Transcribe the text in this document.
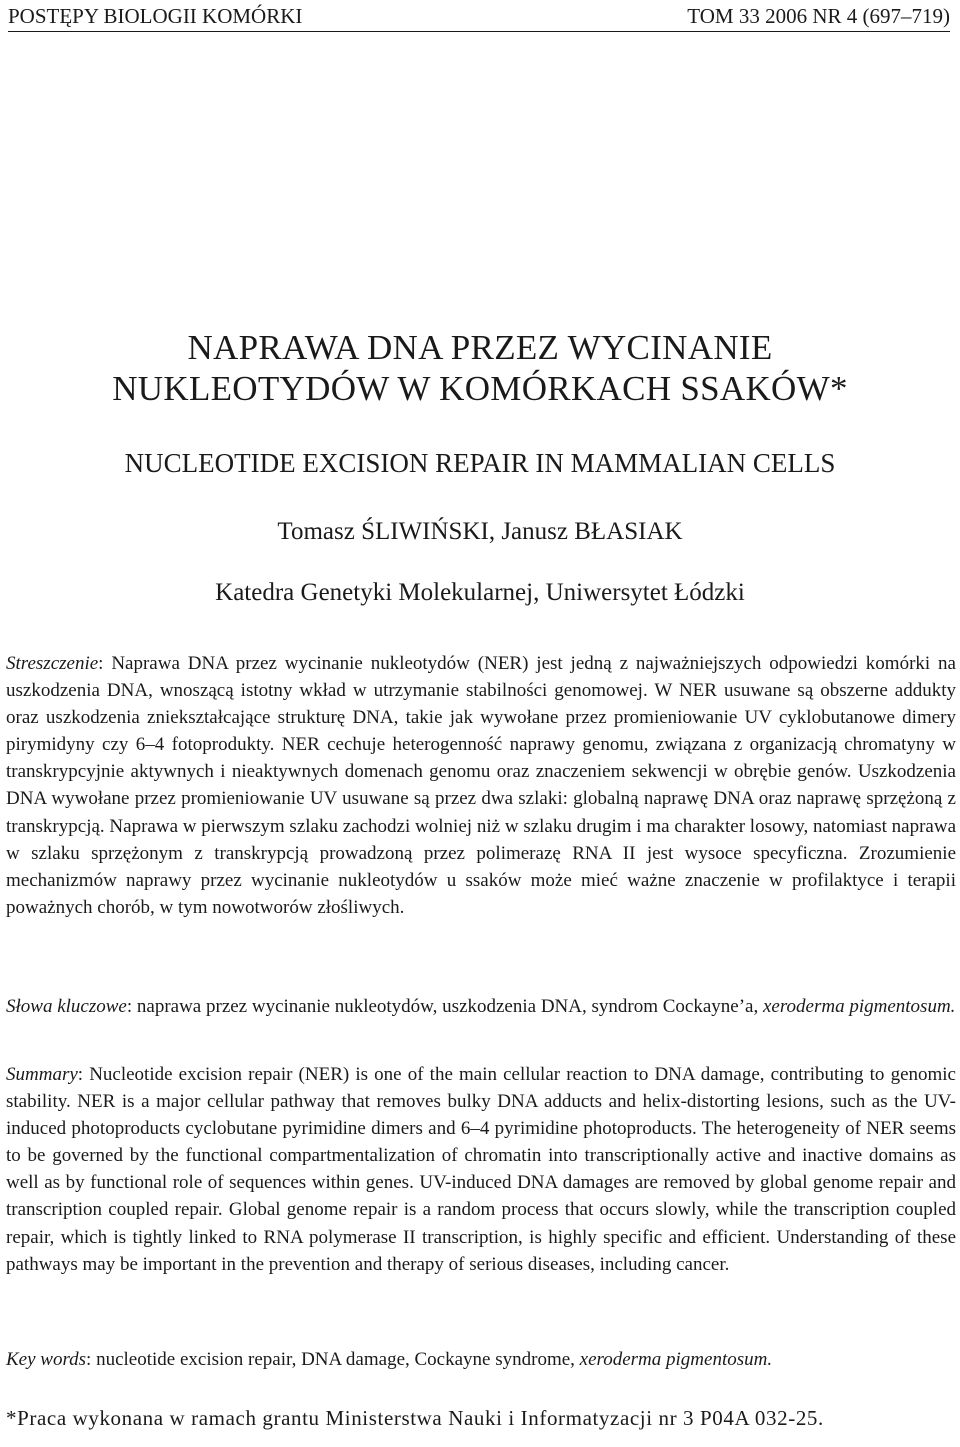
POSTĘPY BIOLOGII KOMÓRKI	TOM 33 2006 NR 4 (697–719)
NAPRAWA DNA PRZEZ WYCINANIE
NUKLEOTYDÓW W KOMÓRKACH SSAKÓW*
NUCLEOTIDE EXCISION REPAIR IN MAMMALIAN CELLS
Tomasz ŚLIWIŃSKI, Janusz BŁASIAK
Katedra Genetyki Molekularnej, Uniwersytet Łódzki
Streszczenie: Naprawa DNA przez wycinanie nukleotydów (NER) jest jedną z najważniejszych odpowiedzi komórki na uszkodzenia DNA, wnoszącą istotny wkład w utrzymanie stabilności genomowej. W NER usuwane są obszerne addukty oraz uszkodzenia zniekształcające strukturę DNA, takie jak wywołane przez promieniowanie UV cyklobutanowe dimery pirymidyny czy 6–4 fotoprodukty. NER cechuje heterogenność naprawy genomu, związana z organizacją chromatyny w transkrypcyjnie aktywnych i nieaktywnych domenach genomu oraz znaczeniem sekwencji w obrębie genów. Uszkodzenia DNA wywołane przez promieniowanie UV usuwane są przez dwa szlaki: globalną naprawę DNA oraz naprawę sprzężoną z transkrypcją. Naprawa w pierwszym szlaku zachodzi wolniej niż w szlaku drugim i ma charakter losowy, natomiast naprawa w szlaku sprzężonym z transkrypcją prowadzoną przez polimerazę RNA II jest wysoce specyficzna. Zrozumienie mechanizmów naprawy przez wycinanie nukleotydów u ssaków może mieć ważne znaczenie w profilaktyce i terapii poważnych chorób, w tym nowotworów złośliwych.
Słowa kluczowe: naprawa przez wycinanie nukleotydów, uszkodzenia DNA, syndrom Cockayne’a, xeroderma pigmentosum.
Summary: Nucleotide excision repair (NER) is one of the main cellular reaction to DNA damage, contributing to genomic stability. NER is a major cellular pathway that removes bulky DNA adducts and helix-distorting lesions, such as the UV-induced photoproducts cyclobutane pyrimidine dimers and 6–4 pyrimidine photoproducts. The heterogeneity of NER seems to be governed by the functional compartmentalization of chromatin into transcriptionally active and inactive domains as well as by functional role of sequences within genes. UV-induced DNA damages are removed by global genome repair and transcription coupled repair. Global genome repair is a random process that occurs slowly, while the transcription coupled repair, which is tightly linked to RNA polymerase II transcription, is highly specific and efficient. Understanding of these pathways may be important in the prevention and therapy of serious diseases, including cancer.
Key words: nucleotide excision repair, DNA damage, Cockayne syndrome, xeroderma pigmentosum.
*Praca wykonana w ramach grantu Ministerstwa Nauki i Informatyzacji nr 3 P04A 032-25.
